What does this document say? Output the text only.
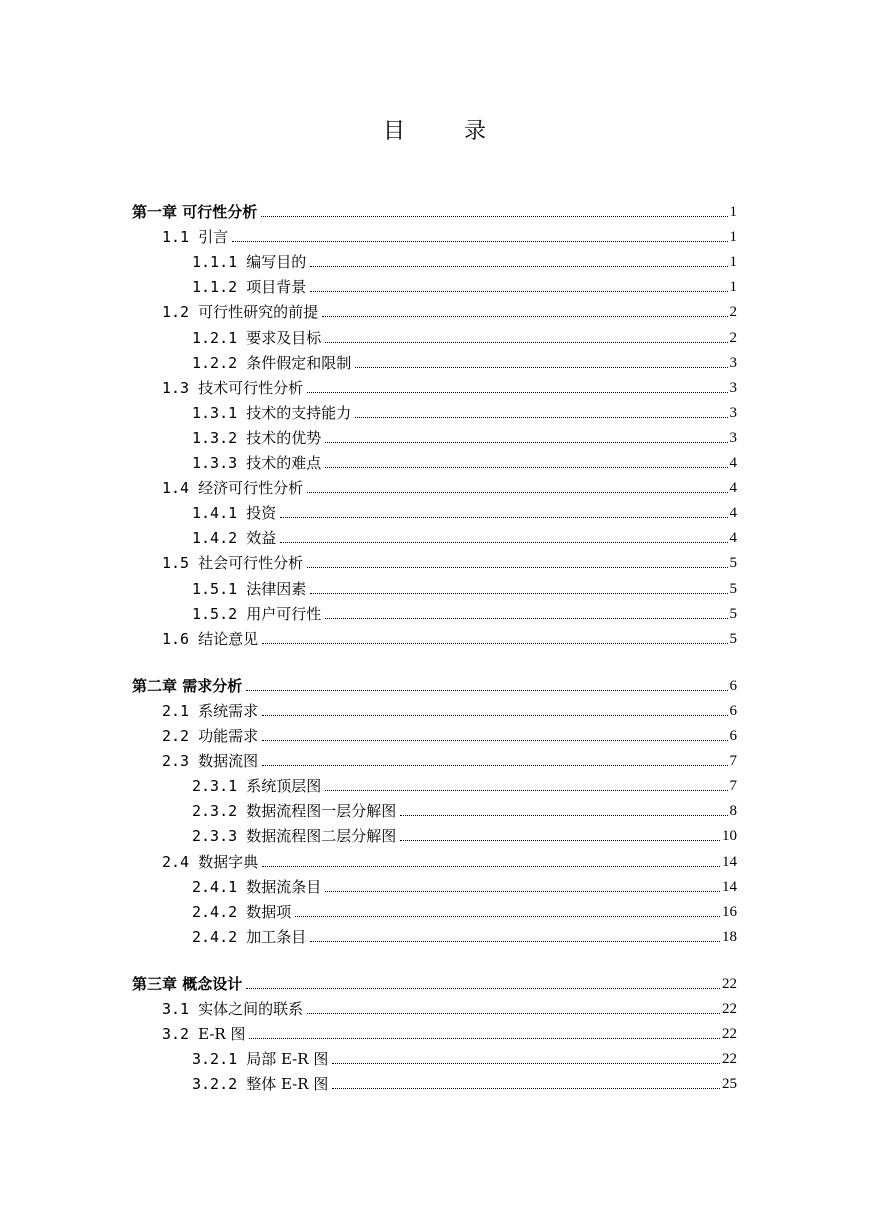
目 录
第一章 可行性分析	1
1.1 引言	1
1.1.1 编写目的	1
1.1.2 项目背景	1
1.2 可行性研究的前提	2
1.2.1 要求及目标	2
1.2.2 条件假定和限制	3
1.3 技术可行性分析	3
1.3.1 技术的支持能力	3
1.3.2 技术的优势	3
1.3.3 技术的难点	4
1.4 经济可行性分析	4
1.4.1 投资	4
1.4.2 效益	4
1.5 社会可行性分析	5
1.5.1 法律因素	5
1.5.2 用户可行性	5
1.6 结论意见	5
第二章 需求分析	6
2.1 系统需求	6
2.2 功能需求	6
2.3 数据流图	7
2.3.1 系统顶层图	7
2.3.2 数据流程图一层分解图	8
2.3.3 数据流程图二层分解图	10
2.4 数据字典	14
2.4.1 数据流条目	14
2.4.2 数据项	16
2.4.2 加工条目	18
第三章 概念设计	22
3.1 实体之间的联系	22
3.2 E-R 图	22
3.2.1 局部 E-R 图	22
3.2.2 整体 E-R 图	25
